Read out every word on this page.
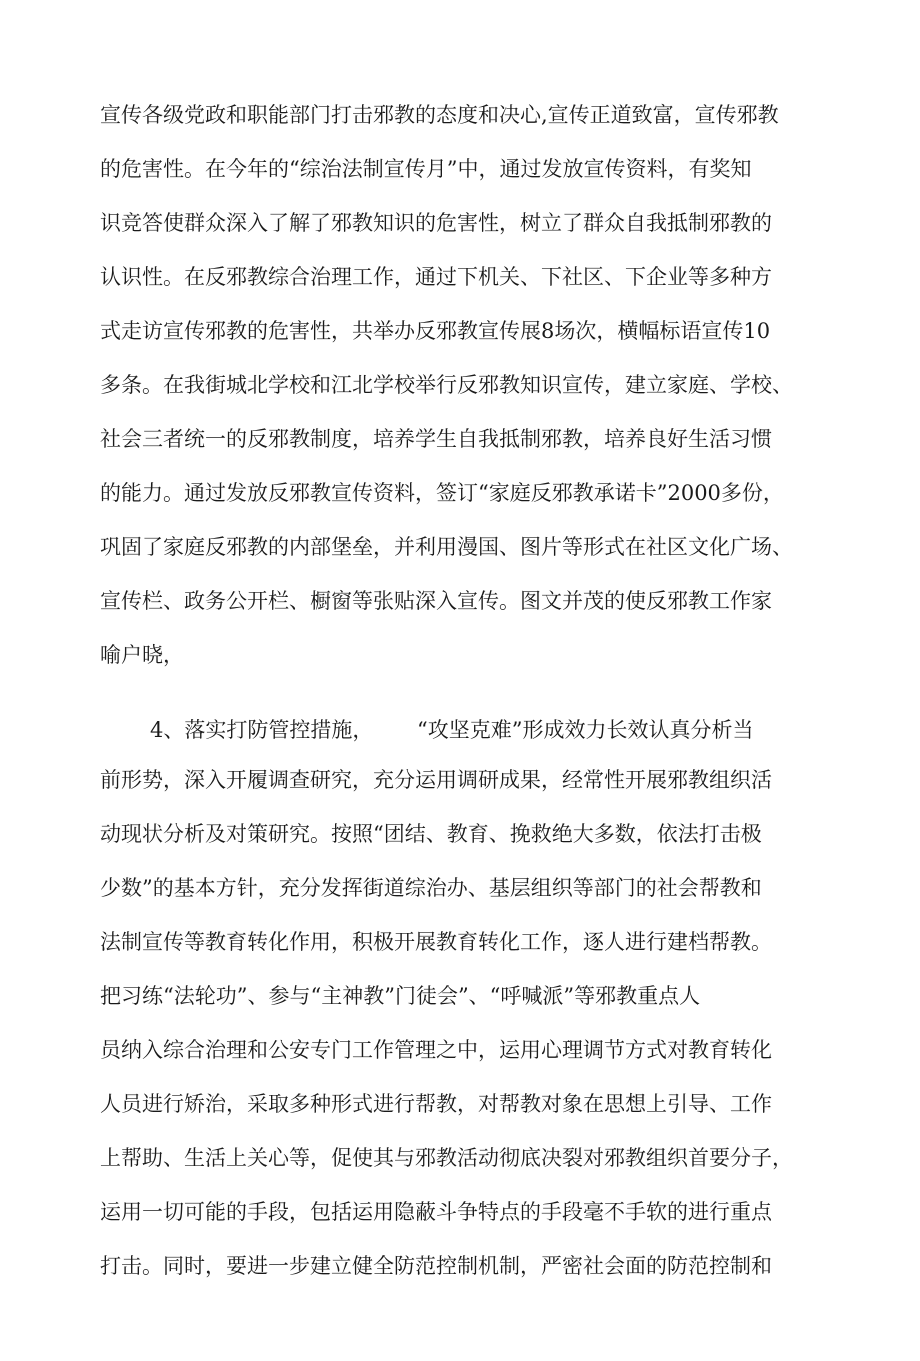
宣传各级党政和职能部门打击邪教的态度和决心,宣传正道致富，宣传邪教
的危害性。在今年的“综治法制宣传月”中，通过发放宣传资料，有奖知
识竞答使群众深入了解了邪教知识的危害性，树立了群众自我抵制邪教的
认识性。在反邪教综合治理工作，通过下机关、下社区、下企业等多种方
式走访宣传邪教的危害性，共举办反邪教宣传展8场次，横幅标语宣传10
多条。在我街城北学校和江北学校举行反邪教知识宣传，建立家庭、学校、
社会三者统一的反邪教制度，培养学生自我抵制邪教，培养良好生活习惯
的能力。通过发放反邪教宣传资料，签订“家庭反邪教承诺卡”2000多份，
巩固了家庭反邪教的内部堡垒，并利用漫国、图片等形式在社区文化广场、
宣传栏、政务公开栏、橱窗等张贴深入宣传。图文并茂的使反邪教工作家
喻户晓，
4、落实打防管控措施， “攻坚克难”形成效力长效认真分析当
前形势，深入开履调查研究，充分运用调研成果，经常性开展邪教组织活
动现状分析及对策研究。按照“团结、教育、挽救绝大多数，依法打击极
少数”的基本方针，充分发挥街道综治办、基层组织等部门的社会帮教和
法制宣传等教育转化作用，积极开展教育转化工作，逐人进行建档帮教。
把习练“法轮功”、参与“主神教”门徒会”、“呼喊派”等邪教重点人
员纳入综合治理和公安专门工作管理之中，运用心理调节方式对教育转化
人员进行矫治，采取多种形式进行帮教，对帮教对象在思想上引导、工作
上帮助、生活上关心等，促使其与邪教活动彻底决裂对邪教组织首要分子，
运用一切可能的手段，包括运用隐蔽斗争特点的手段毫不手软的进行重点
打击。同时，要进一步建立健全防范控制机制，严密社会面的防范控制和
